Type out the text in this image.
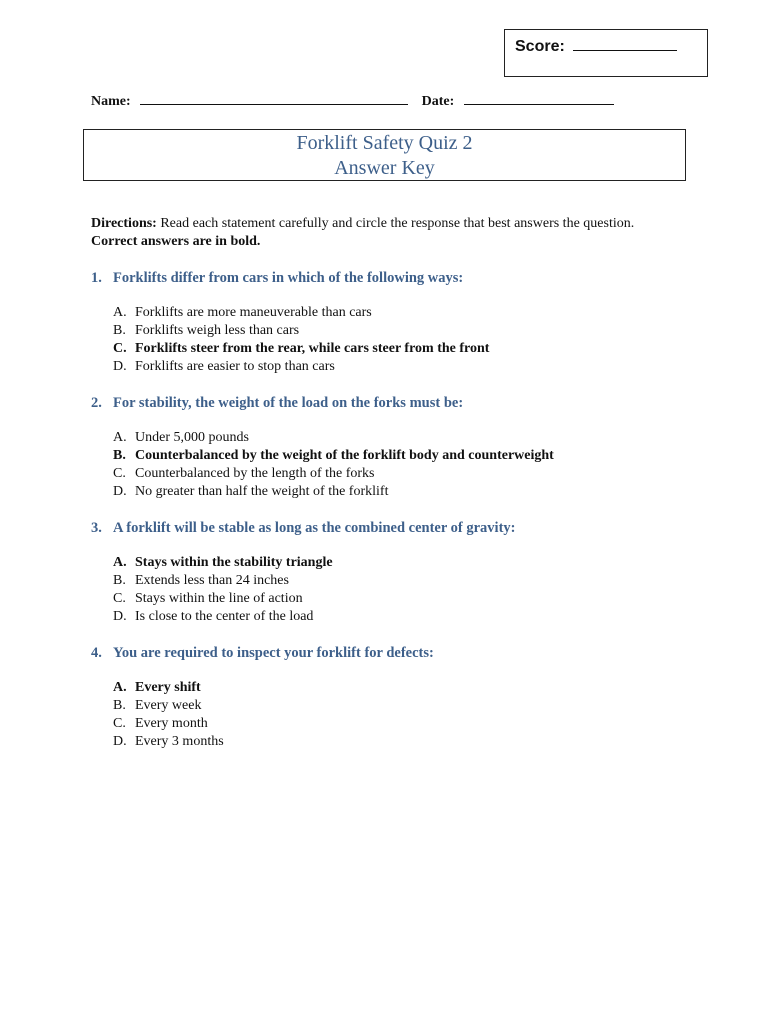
Score:
Name:	Date:
Forklift Safety Quiz 2
Answer Key
Directions: Read each statement carefully and circle the response that best answers the question.
Correct answers are in bold.
1. Forklifts differ from cars in which of the following ways:
A. Forklifts are more maneuverable than cars
B. Forklifts weigh less than cars
C. Forklifts steer from the rear, while cars steer from the front
D. Forklifts are easier to stop than cars
2. For stability, the weight of the load on the forks must be:
A. Under 5,000 pounds
B. Counterbalanced by the weight of the forklift body and counterweight
C. Counterbalanced by the length of the forks
D. No greater than half the weight of the forklift
3. A forklift will be stable as long as the combined center of gravity:
A. Stays within the stability triangle
B. Extends less than 24 inches
C. Stays within the line of action
D. Is close to the center of the load
4. You are required to inspect your forklift for defects:
A. Every shift
B. Every week
C. Every month
D. Every 3 months
